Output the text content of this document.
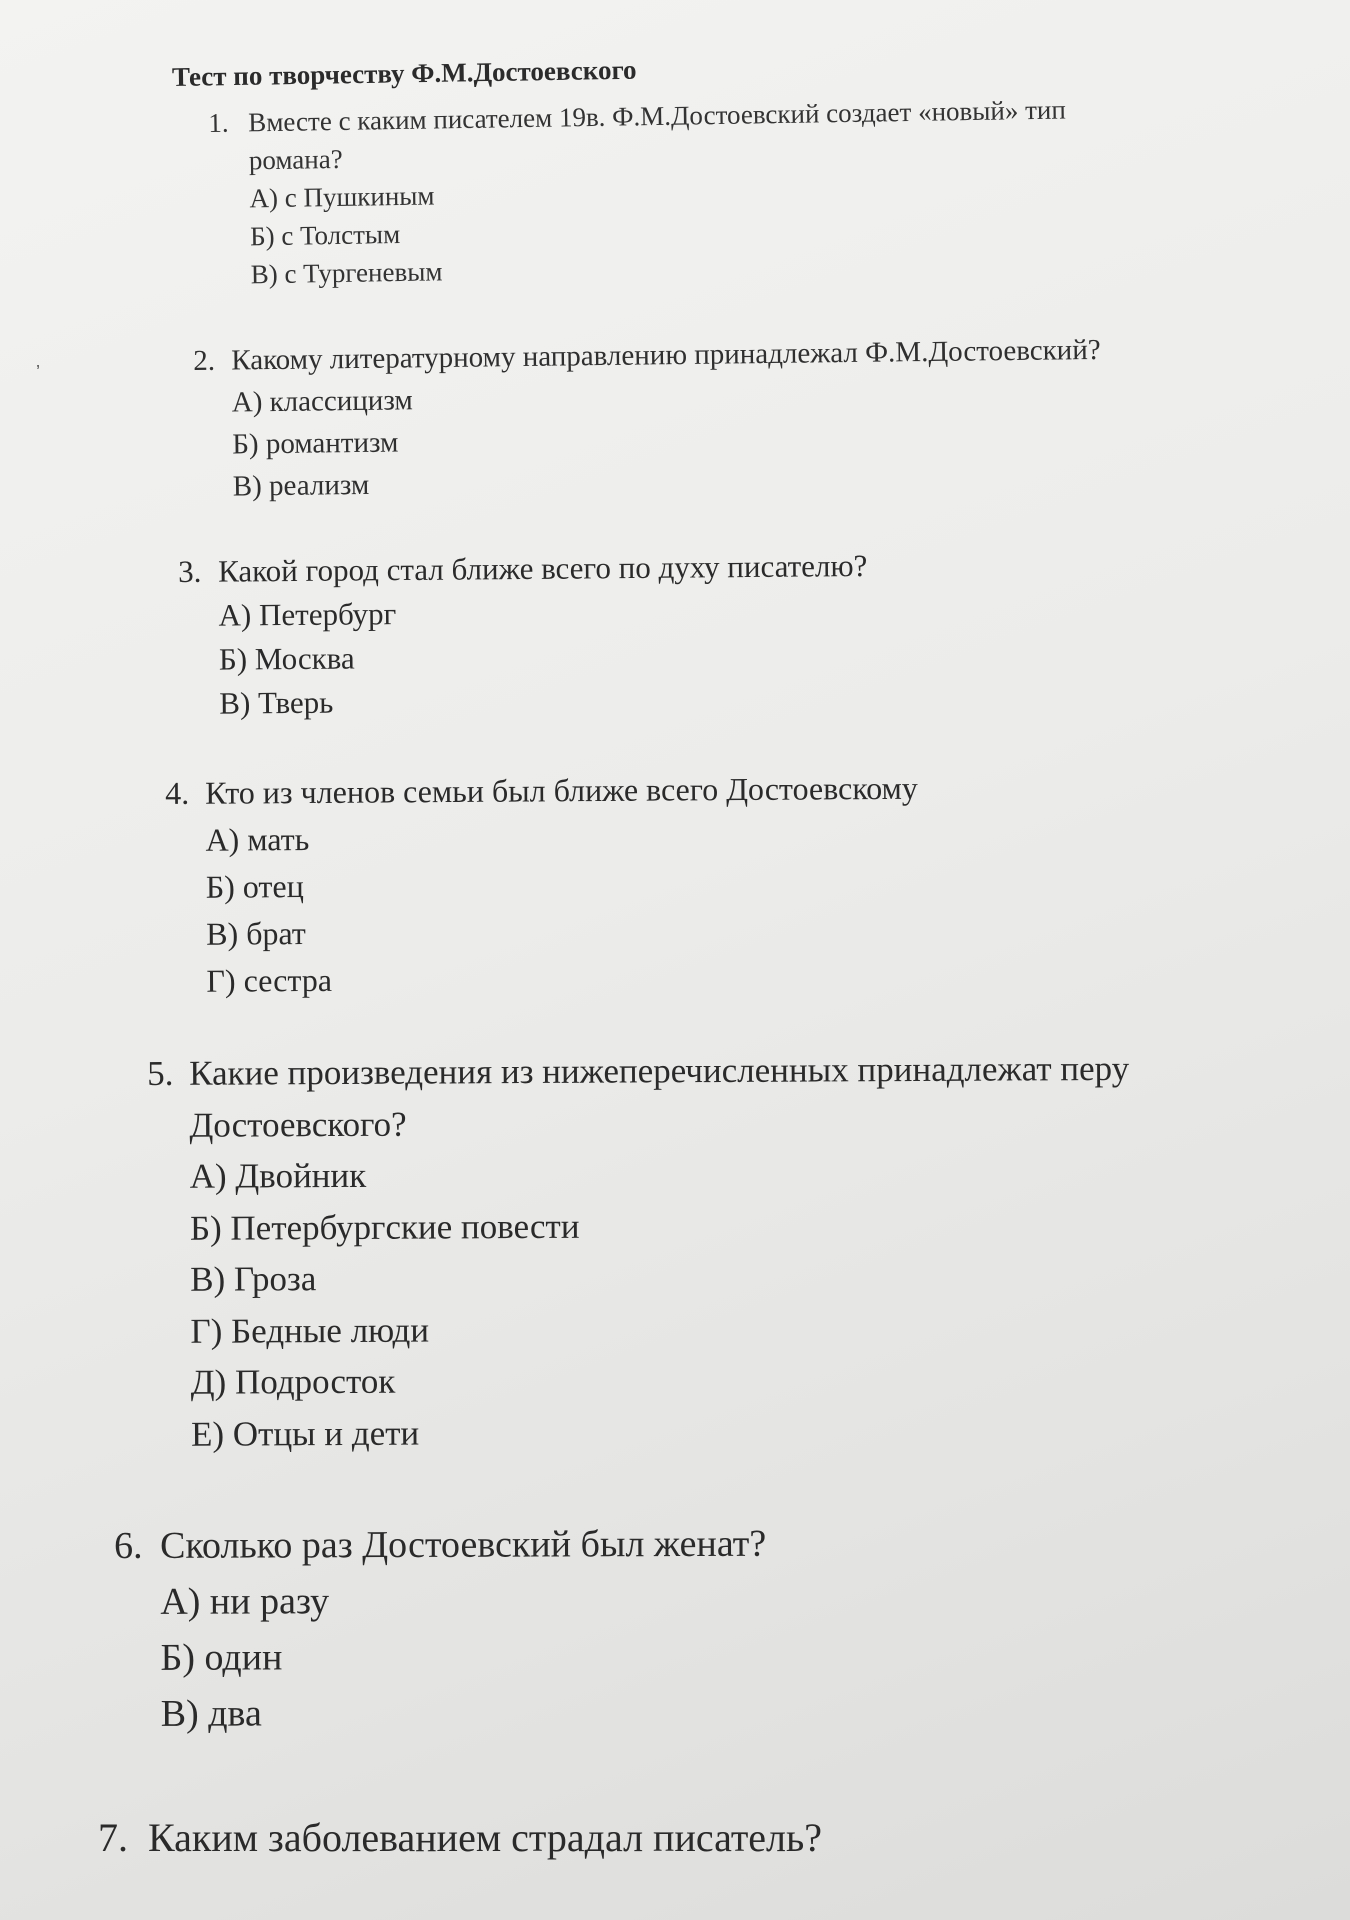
Тест по творчеству Ф.М.Достоевского
’
1. Вместе с каким писателем 19в. Ф.М.Достоевский создает «новый» тип
романа?
А) с Пушкиным
Б) с Толстым
В) с Тургеневым
2. Какому литературному направлению принадлежал Ф.М.Достоевский?
А) классицизм
Б) романтизм
В) реализм
3. Какой город стал ближе всего по духу писателю?
А) Петербург
Б) Москва
В) Тверь
4. Кто из членов семьи был ближе всего Достоевскому
А) мать
Б) отец
В) брат
Г) сестра
5. Какие произведения из нижеперечисленных принадлежат перу
Достоевского?
А) Двойник
Б) Петербургские повести
В) Гроза
Г) Бедные люди
Д) Подросток
Е) Отцы и дети
6. Сколько раз Достоевский был женат?
А) ни разу
Б) один
В) два
7. Каким заболеванием страдал писатель?
